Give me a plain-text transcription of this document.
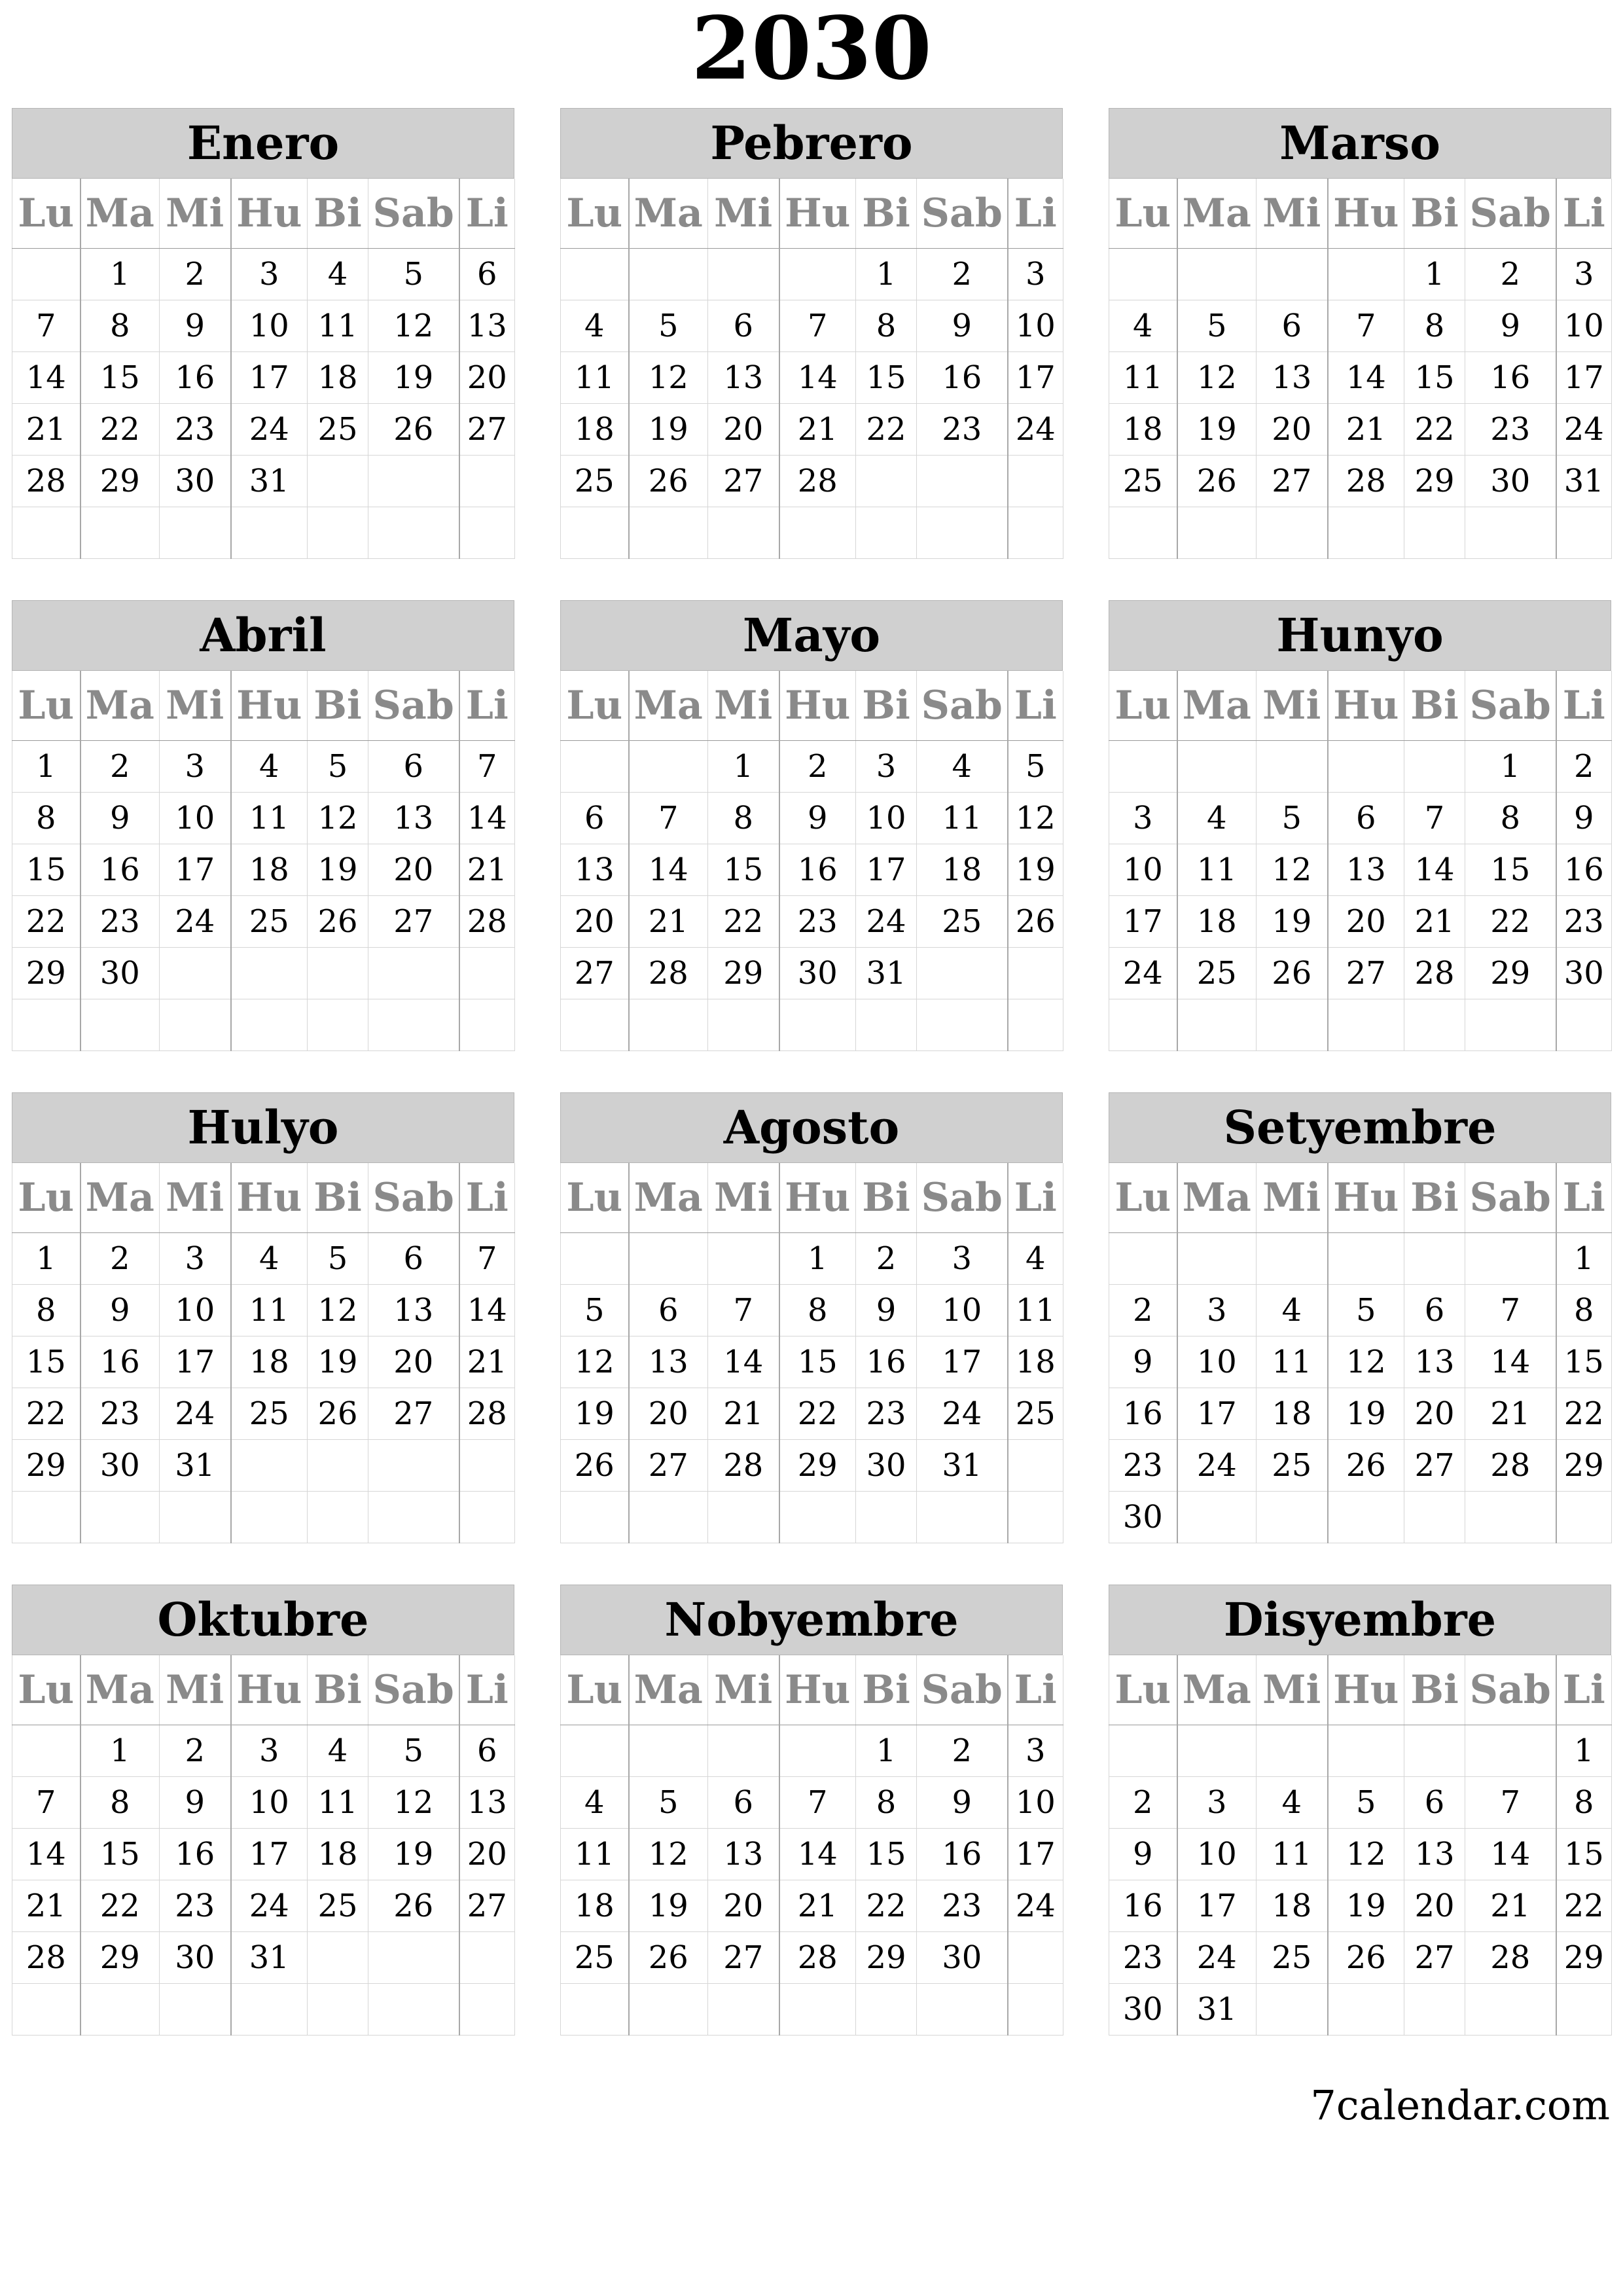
2030
Enero
Lu	Ma	Mi	Hu	Bi	Sab	Li
	1	2	3	4	5	6
7	8	9	10	11	12	13
14	15	16	17	18	19	20
21	22	23	24	25	26	27
28	29	30	31			

Pebrero
Lu	Ma	Mi	Hu	Bi	Sab	Li
				1	2	3
4	5	6	7	8	9	10
11	12	13	14	15	16	17
18	19	20	21	22	23	24
25	26	27	28			

Marso
Lu	Ma	Mi	Hu	Bi	Sab	Li
				1	2	3
4	5	6	7	8	9	10
11	12	13	14	15	16	17
18	19	20	21	22	23	24
25	26	27	28	29	30	31

Abril
Lu	Ma	Mi	Hu	Bi	Sab	Li
1	2	3	4	5	6	7
8	9	10	11	12	13	14
15	16	17	18	19	20	21
22	23	24	25	26	27	28
29	30					

Mayo
Lu	Ma	Mi	Hu	Bi	Sab	Li
		1	2	3	4	5
6	7	8	9	10	11	12
13	14	15	16	17	18	19
20	21	22	23	24	25	26
27	28	29	30	31		

Hunyo
Lu	Ma	Mi	Hu	Bi	Sab	Li
					1	2
3	4	5	6	7	8	9
10	11	12	13	14	15	16
17	18	19	20	21	22	23
24	25	26	27	28	29	30

Hulyo
Lu	Ma	Mi	Hu	Bi	Sab	Li
1	2	3	4	5	6	7
8	9	10	11	12	13	14
15	16	17	18	19	20	21
22	23	24	25	26	27	28
29	30	31				

Agosto
Lu	Ma	Mi	Hu	Bi	Sab	Li
			1	2	3	4
5	6	7	8	9	10	11
12	13	14	15	16	17	18
19	20	21	22	23	24	25
26	27	28	29	30	31	

Setyembre
Lu	Ma	Mi	Hu	Bi	Sab	Li
						1
2	3	4	5	6	7	8
9	10	11	12	13	14	15
16	17	18	19	20	21	22
23	24	25	26	27	28	29
30						
Oktubre
Lu	Ma	Mi	Hu	Bi	Sab	Li
	1	2	3	4	5	6
7	8	9	10	11	12	13
14	15	16	17	18	19	20
21	22	23	24	25	26	27
28	29	30	31			

Nobyembre
Lu	Ma	Mi	Hu	Bi	Sab	Li
				1	2	3
4	5	6	7	8	9	10
11	12	13	14	15	16	17
18	19	20	21	22	23	24
25	26	27	28	29	30	

Disyembre
Lu	Ma	Mi	Hu	Bi	Sab	Li
						1
2	3	4	5	6	7	8
9	10	11	12	13	14	15
16	17	18	19	20	21	22
23	24	25	26	27	28	29
30	31					
7calendar.com
